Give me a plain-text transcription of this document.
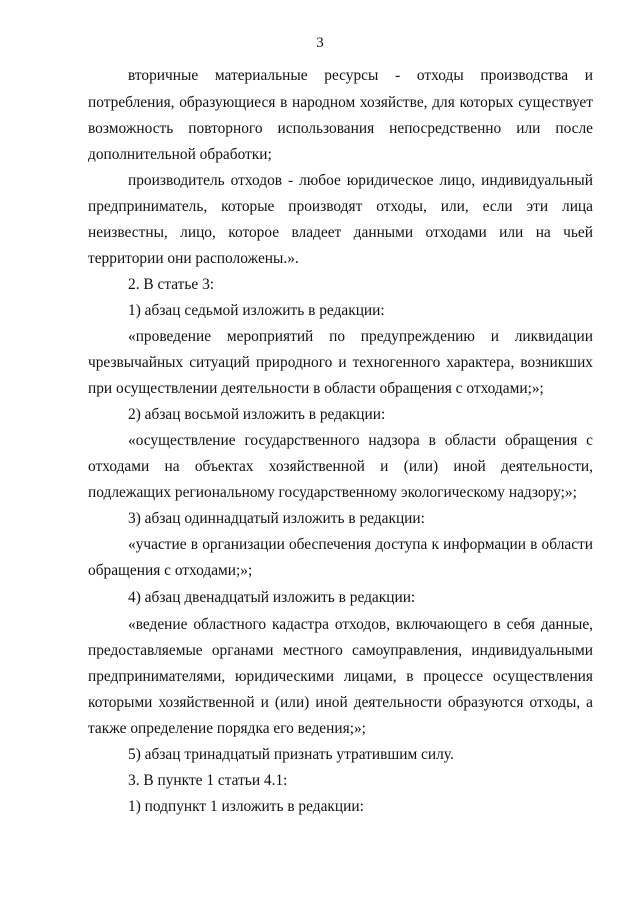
3
вторичные материальные ресурсы - отходы производства и
потребления, образующиеся в народном хозяйстве, для которых существует
возможность повторного использования непосредственно или после
дополнительной обработки;
производитель отходов - любое юридическое лицо, индивидуальный
предприниматель, которые производят отходы, или, если эти лица
неизвестны, лицо, которое владеет данными отходами или на чьей
территории они расположены.».
2. В статье 3:
1) абзац седьмой изложить в редакции:
«проведение мероприятий по предупреждению и ликвидации
чрезвычайных ситуаций природного и техногенного характера, возникших
при осуществлении деятельности в области обращения с отходами;»;
2) абзац восьмой изложить в редакции:
«осуществление государственного надзора в области обращения с
отходами на объектах хозяйственной и (или) иной деятельности,
подлежащих региональному государственному экологическому надзору;»;
3) абзац одиннадцатый изложить в редакции:
«участие в организации обеспечения доступа к информации в области
обращения с отходами;»;
4) абзац двенадцатый изложить в редакции:
«ведение областного кадастра отходов, включающего в себя данные,
предоставляемые органами местного самоуправления, индивидуальными
предпринимателями, юридическими лицами, в процессе осуществления
которыми хозяйственной и (или) иной деятельности образуются отходы, а
также определение порядка его ведения;»;
5) абзац тринадцатый признать утратившим силу.
3. В пункте 1 статьи 4.1:
1) подпункт 1 изложить в редакции:
